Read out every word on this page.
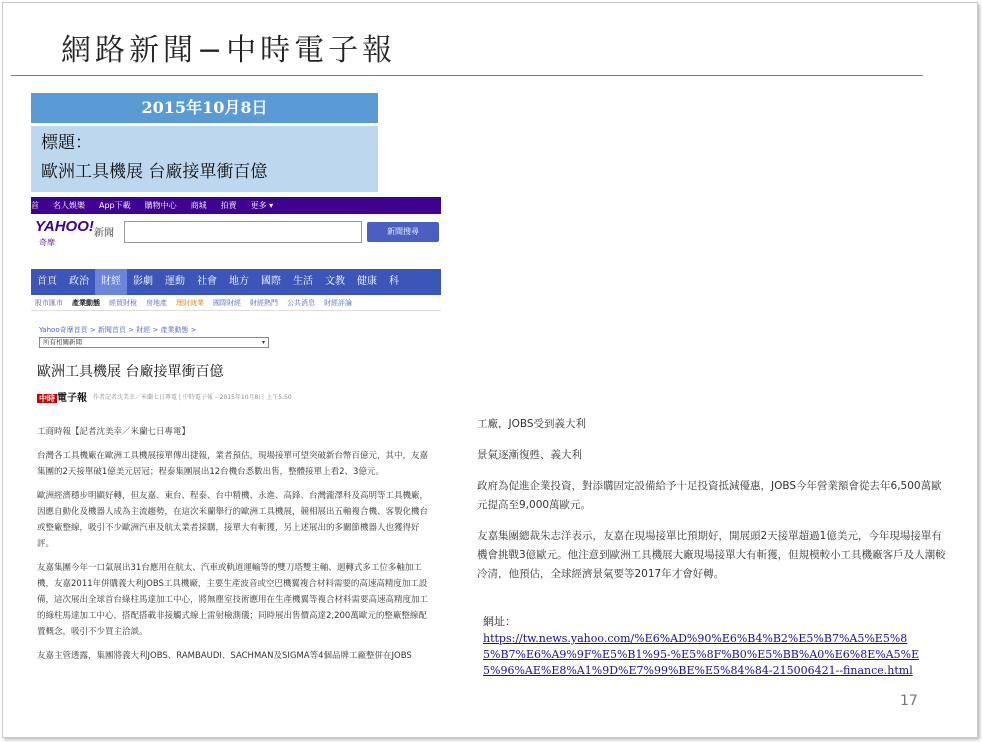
網路新聞−中時電子報
2015年10月8日
標題：
歐洲工具機展 台廠接單衝百億
首 名人娛樂 App下載 購物中心 商城 拍賣 更多 ▾
YAHOO!
奇摩
新聞	新聞搜尋
首頁	政治	財經	影劇	運動	社會	地方	國際	生活	文教	健康	科
股市匯市 產業動態 經貿財稅 房地產 理財就業 國際財經 財經熱門 公共消息 財經評論
Yahoo奇摩首頁 > 新聞首頁 > 財經 > 產業動態 >
所有相關新聞	▾
歐洲工具機展 台廠接單衝百億
中時 電子報 作者記者沈美幸／米蘭七日專電 | 中時電子報 – 2015年10月8日 上午5:50

工商時報【記者沈美幸／米蘭七日專電】

台灣各工具機廠在歐洲工具機展接單傳出捷報，業者預估，現場接單可望突破新台幣百億元，其中，友嘉集團的2天接單破1億美元居冠；程泰集團展出12台機台悉數出售，整體接單上看2、3億元。

歐洲經濟穩步明顯好轉，但友嘉、東台、程泰、台中精機、永進、高鋒、台灣瀧澤科及高明等工具機廠，因應自動化及機器人成為主流趨勢，在這次米蘭舉行的歐洲工具機展，競相展出五軸複合機、客製化機台或整廠整線，吸引不少歐洲汽車及航太業者採購，接單大有斬獲，另上述展出的多關節機器人也獲得好評。

友嘉集團今年一口氣展出31台應用在航太、汽車或軌道運輸等的雙刀塔雙主軸、迴轉式多工位多軸加工機，友嘉2011年併購義大利JOBS工具機廠，主要生產波音或空巴機翼複合材料需要的高速高精度加工設備，這次展出全球首台綠柱馬達加工中心，將無塵室技術應用在生產機翼等複合材料需要高速高精度加工的綠柱馬達加工中心，搭配搭載非接觸式線上雷射檢測儀；同時展出售價高達2,200萬歐元的整廠整線配置概念，吸引不少買主洽談。

友嘉主管透露，集團將義大利JOBS、RAMBAUDI、SACHMAN及SIGMA等4個品牌工廠整併在JOBS

工廠，JOBS受到義大利

景氣逐漸復甦、義大利

政府為促進企業投資，對添購固定設備給予十足投資抵減優惠，JOBS今年營業額會從去年6,500萬歐元提高至9,000萬歐元。

友嘉集團總裁朱志洋表示，友嘉在現場接單比預期好，開展頭2天接單超過1億美元，今年現場接單有機會挑戰3億歐元。他注意到歐洲工具機展大廠現場接單大有斬獲，但規模較小工具機廠客戶及人潮較冷清，他預估，全球經濟景氣要等2017年才會好轉。

網址：
https://tw.news.yahoo.com/%E6%AD%90%E6%B4%B2%E5%B7%A5%E5%85%B7%E6%A9%9F%E5%B1%95-%E5%8F%B0%E5%BB%A0%E6%8E%A5%E5%96%AE%E8%A1%9D%E7%99%BE%E5%84%84-215006421--finance.html
17
